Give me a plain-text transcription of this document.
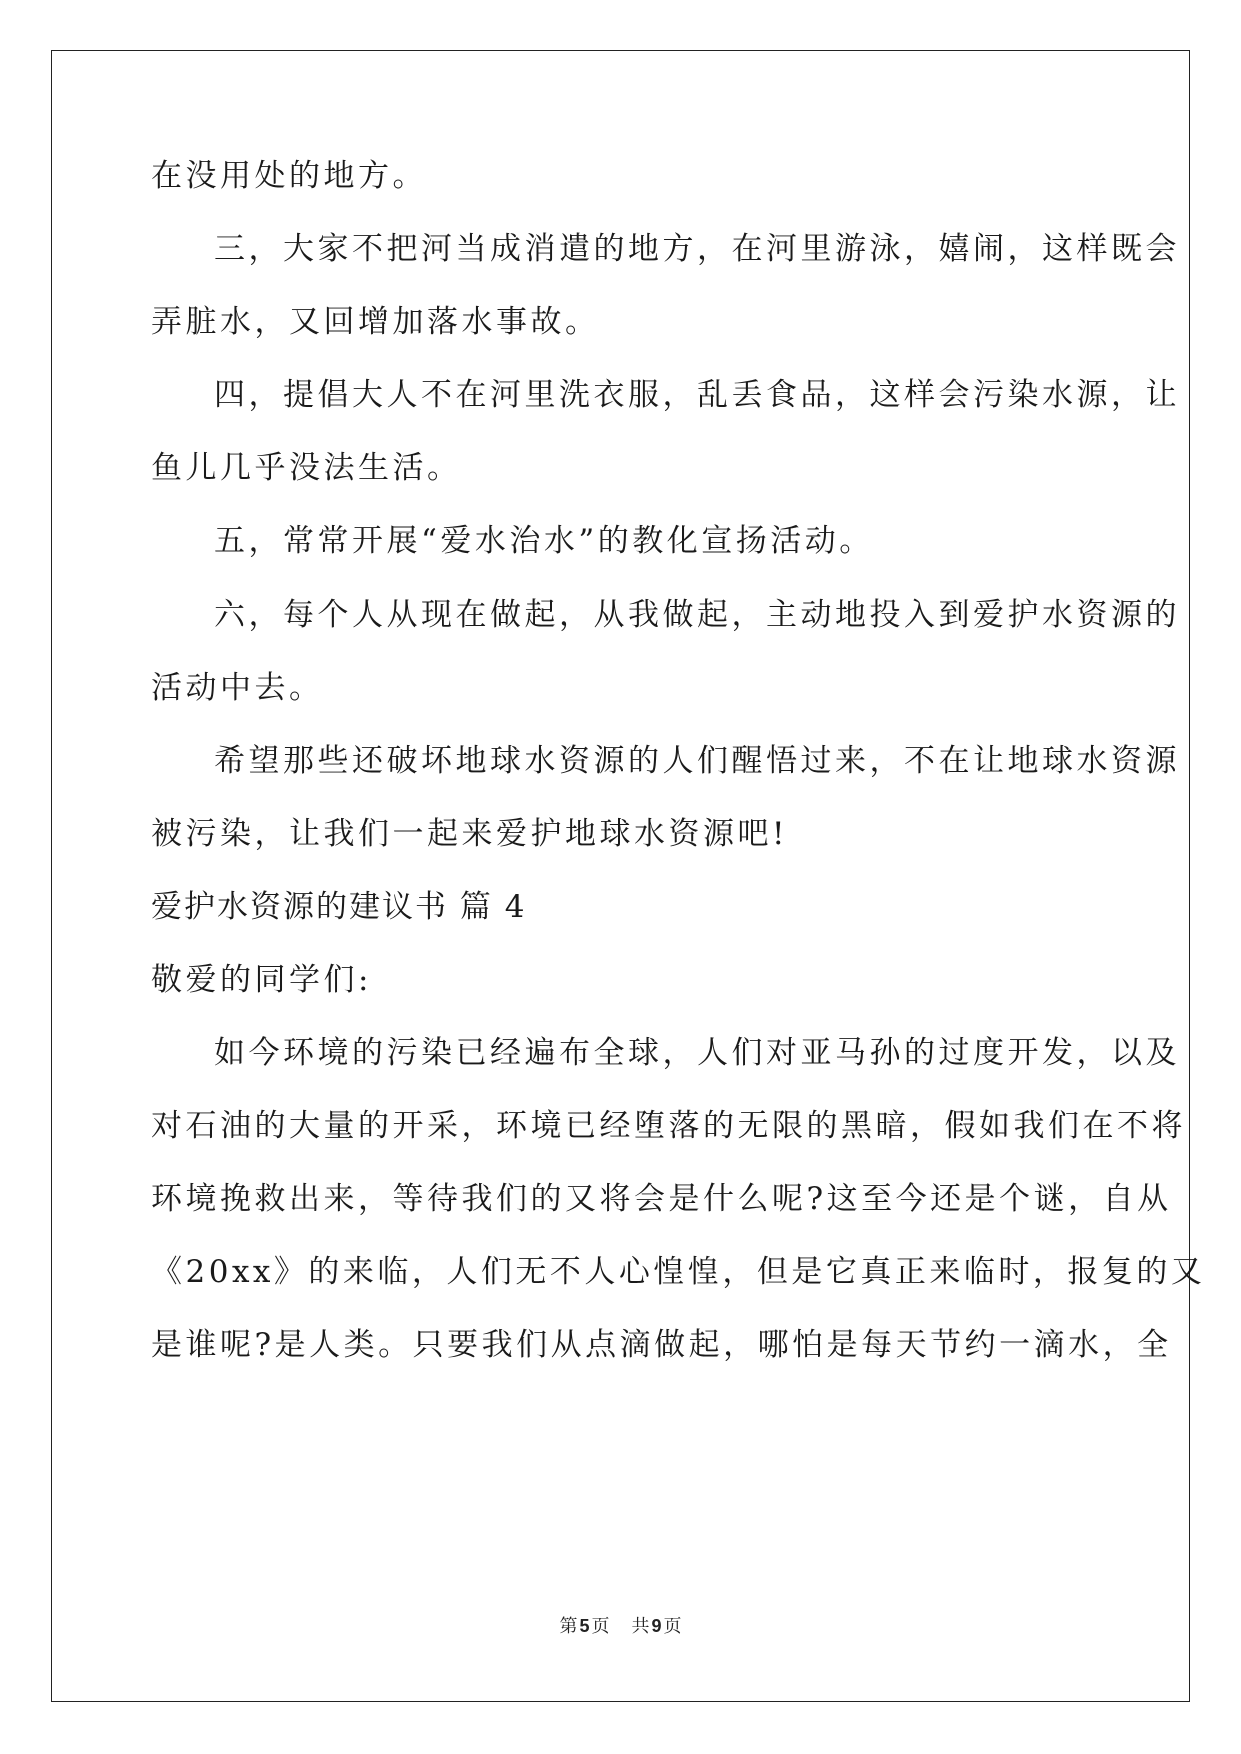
在没用处的地方。
三，大家不把河当成消遣的地方，在河里游泳，嬉闹，这样既会
弄脏水，又回增加落水事故。
四，提倡大人不在河里洗衣服，乱丢食品，这样会污染水源，让
鱼儿几乎没法生活。
五，常常开展“爱水治水”的教化宣扬活动。
六，每个人从现在做起，从我做起，主动地投入到爱护水资源的
活动中去。
希望那些还破坏地球水资源的人们醒悟过来，不在让地球水资源
被污染，让我们一起来爱护地球水资源吧!
爱护水资源的建议书 篇 4
敬爱的同学们:
如今环境的污染已经遍布全球，人们对亚马孙的过度开发，以及
对石油的大量的开采，环境已经堕落的无限的黑暗，假如我们在不将
环境挽救出来，等待我们的又将会是什么呢?这至今还是个谜，自从
《20xx》的来临，人们无不人心惶惶，但是它真正来临时，报复的又
是谁呢?是人类。只要我们从点滴做起，哪怕是每天节约一滴水，全
第 5 页 共 9 页
